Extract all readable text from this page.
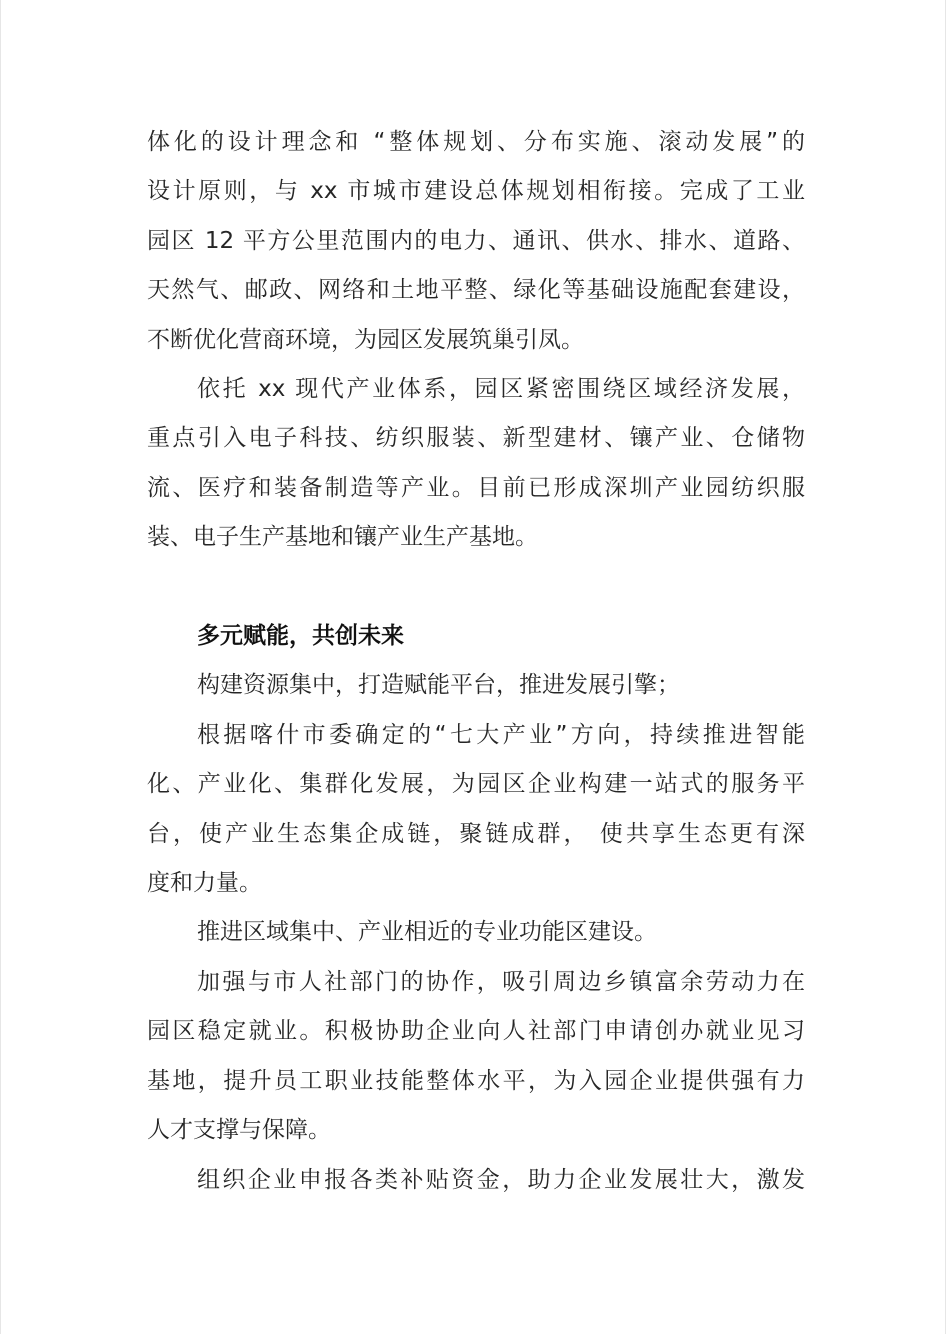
体化的设计理念和 “整体规划、分布实施、滚动发展”的
设计原则，与 xx 市城市建设总体规划相衔接。完成了工业
园区 12 平方公里范围内的电力、通讯、供水、排水、道路、
天然气、邮政、网络和土地平整、绿化等基础设施配套建设，
不断优化营商环境，为园区发展筑巢引凤。
依托 xx 现代产业体系，园区紧密围绕区域经济发展，
重点引入电子科技、纺织服装、新型建材、镶产业、仓储物
流、医疗和装备制造等产业。目前已形成深圳产业园纺织服
装、电子生产基地和镶产业生产基地。
多元赋能，共创未来
构建资源集中，打造赋能平台，推进发展引擎；
根据喀什市委确定的“七大产业”方向，持续推进智能
化、产业化、集群化发展，为园区企业构建一站式的服务平
台，使产业生态集企成链，聚链成群， 使共享生态更有深
度和力量。
推进区域集中、产业相近的专业功能区建设。
加强与市人社部门的协作，吸引周边乡镇富余劳动力在
园区稳定就业。积极协助企业向人社部门申请创办就业见习
基地，提升员工职业技能整体水平，为入园企业提供强有力
人才支撑与保障。
组织企业申报各类补贴资金，助力企业发展壮大，激发
